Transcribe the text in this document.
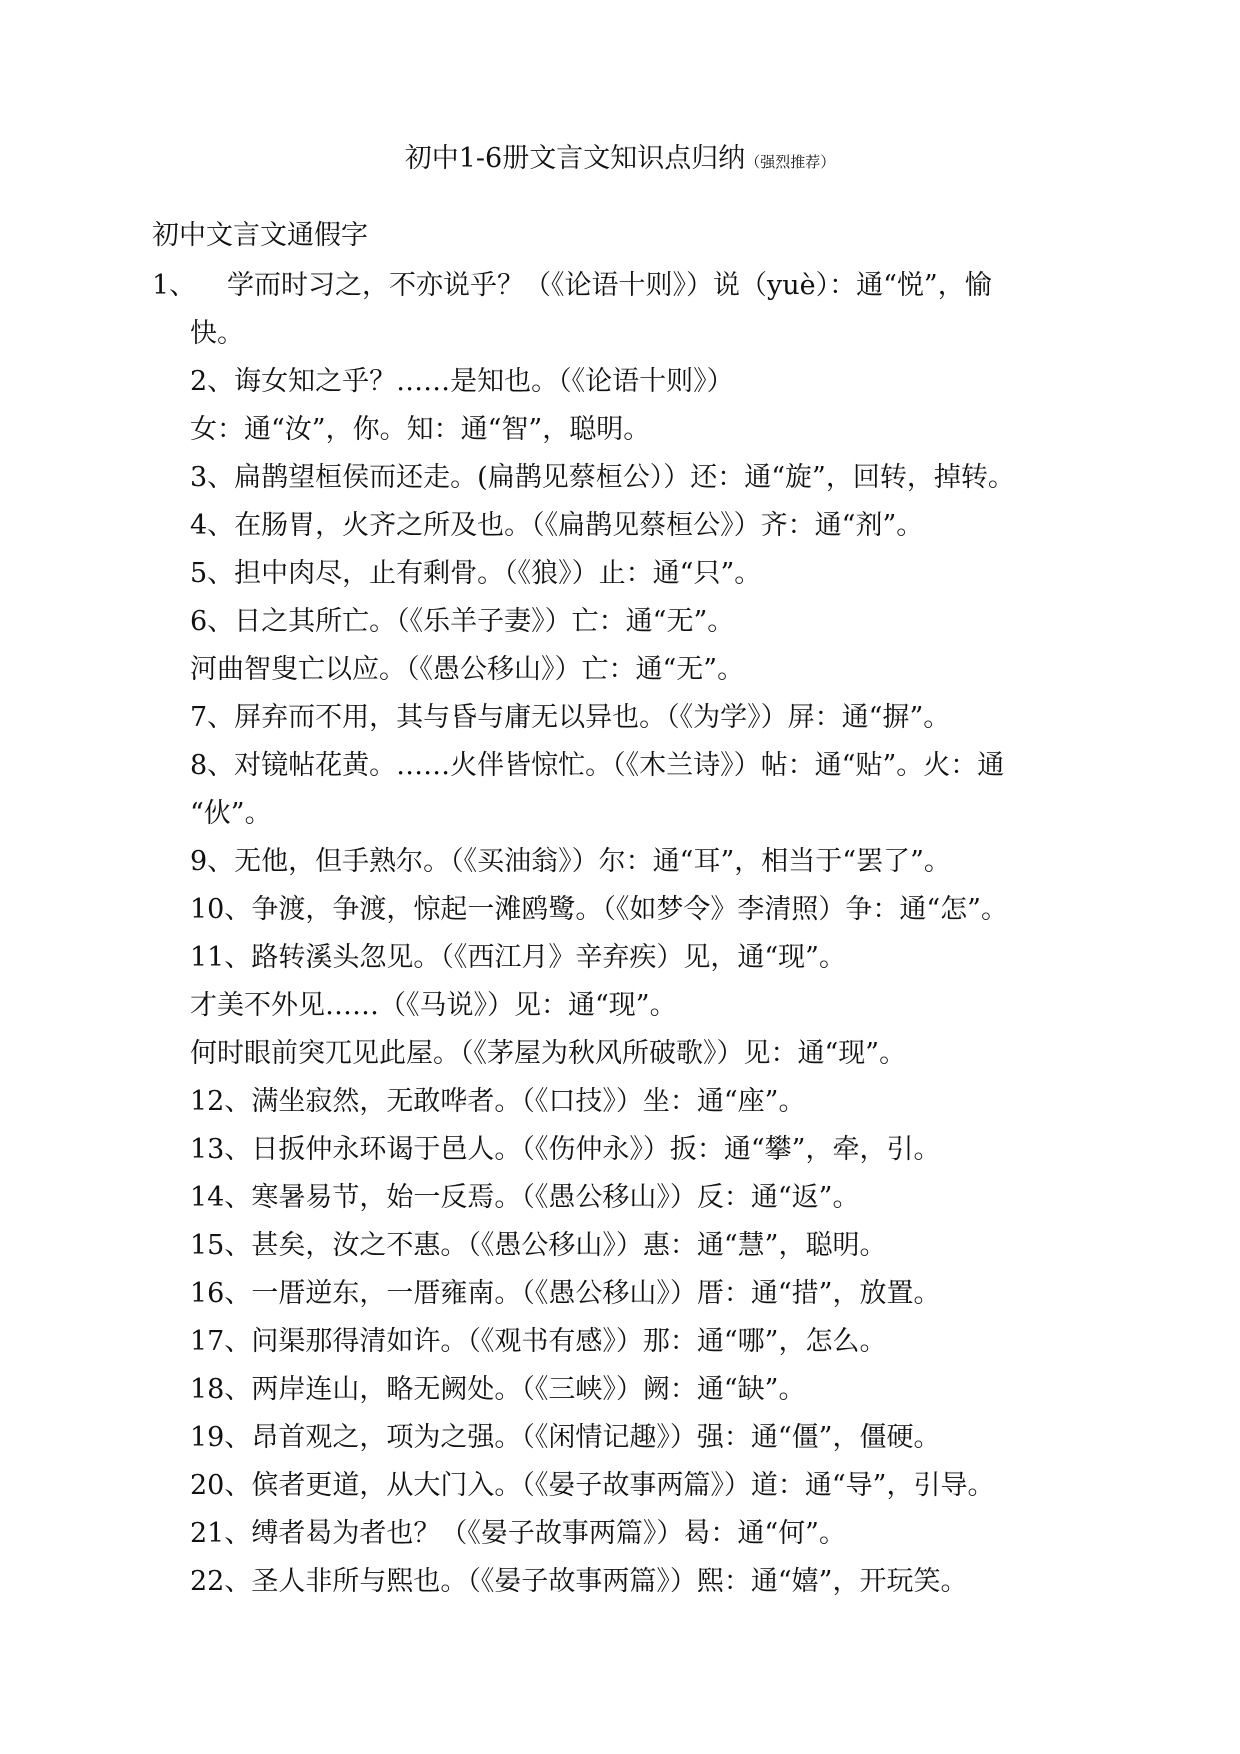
初中1-6册文言文知识点归纳（强烈推荐）
初中文言文通假字
1、 学而时习之，不亦说乎？（《论语十则》）说（yuè）：通“悦”，愉
快。
2、诲女知之乎？……是知也。（《论语十则》）
女：通“汝”，你。知：通“智”，聪明。
3、扁鹊望桓侯而还走。(扁鹊见蔡桓公））还：通“旋”，回转，掉转。
4、在肠胃，火齐之所及也。（《扁鹊见蔡桓公》）齐：通“剂”。
5、担中肉尽，止有剩骨。（《狼》）止：通“只”。
6、日之其所亡。（《乐羊子妻》）亡：通“无”。
河曲智叟亡以应。（《愚公移山》）亡：通“无”。
7、屏弃而不用，其与昏与庸无以异也。（《为学》）屏：通“摒”。
8、对镜帖花黄。……火伴皆惊忙。（《木兰诗》）帖：通“贴”。火：通
“伙”。
9、无他，但手熟尔。（《买油翁》）尔：通“耳”，相当于“罢了”。
10、争渡，争渡，惊起一滩鸥鹭。（《如梦令》李清照）争：通“怎”。
11、路转溪头忽见。（《西江月》辛弃疾）见，通“现”。
才美不外见……（《马说》）见：通“现”。
何时眼前突兀见此屋。（《茅屋为秋风所破歌》）见：通“现”。
12、满坐寂然，无敢哗者。（《口技》）坐：通“座”。
13、日扳仲永环谒于邑人。（《伤仲永》）扳：通“攀”，牵，引。
14、寒暑易节，始一反焉。（《愚公移山》）反：通“返”。
15、甚矣，汝之不惠。（《愚公移山》）惠：通“慧”，聪明。
16、一厝逆东，一厝雍南。（《愚公移山》）厝：通“措”，放置。
17、问渠那得清如许。（《观书有感》）那：通“哪”，怎么。
18、两岸连山，略无阙处。（《三峡》）阙：通“缺”。
19、昂首观之，项为之强。（《闲情记趣》）强：通“僵”，僵硬。
20、傧者更道，从大门入。（《晏子故事两篇》）道：通“导”，引导。
21、缚者曷为者也？（《晏子故事两篇》）曷：通“何”。
22、圣人非所与熙也。（《晏子故事两篇》）熙：通“嬉”，开玩笑。
